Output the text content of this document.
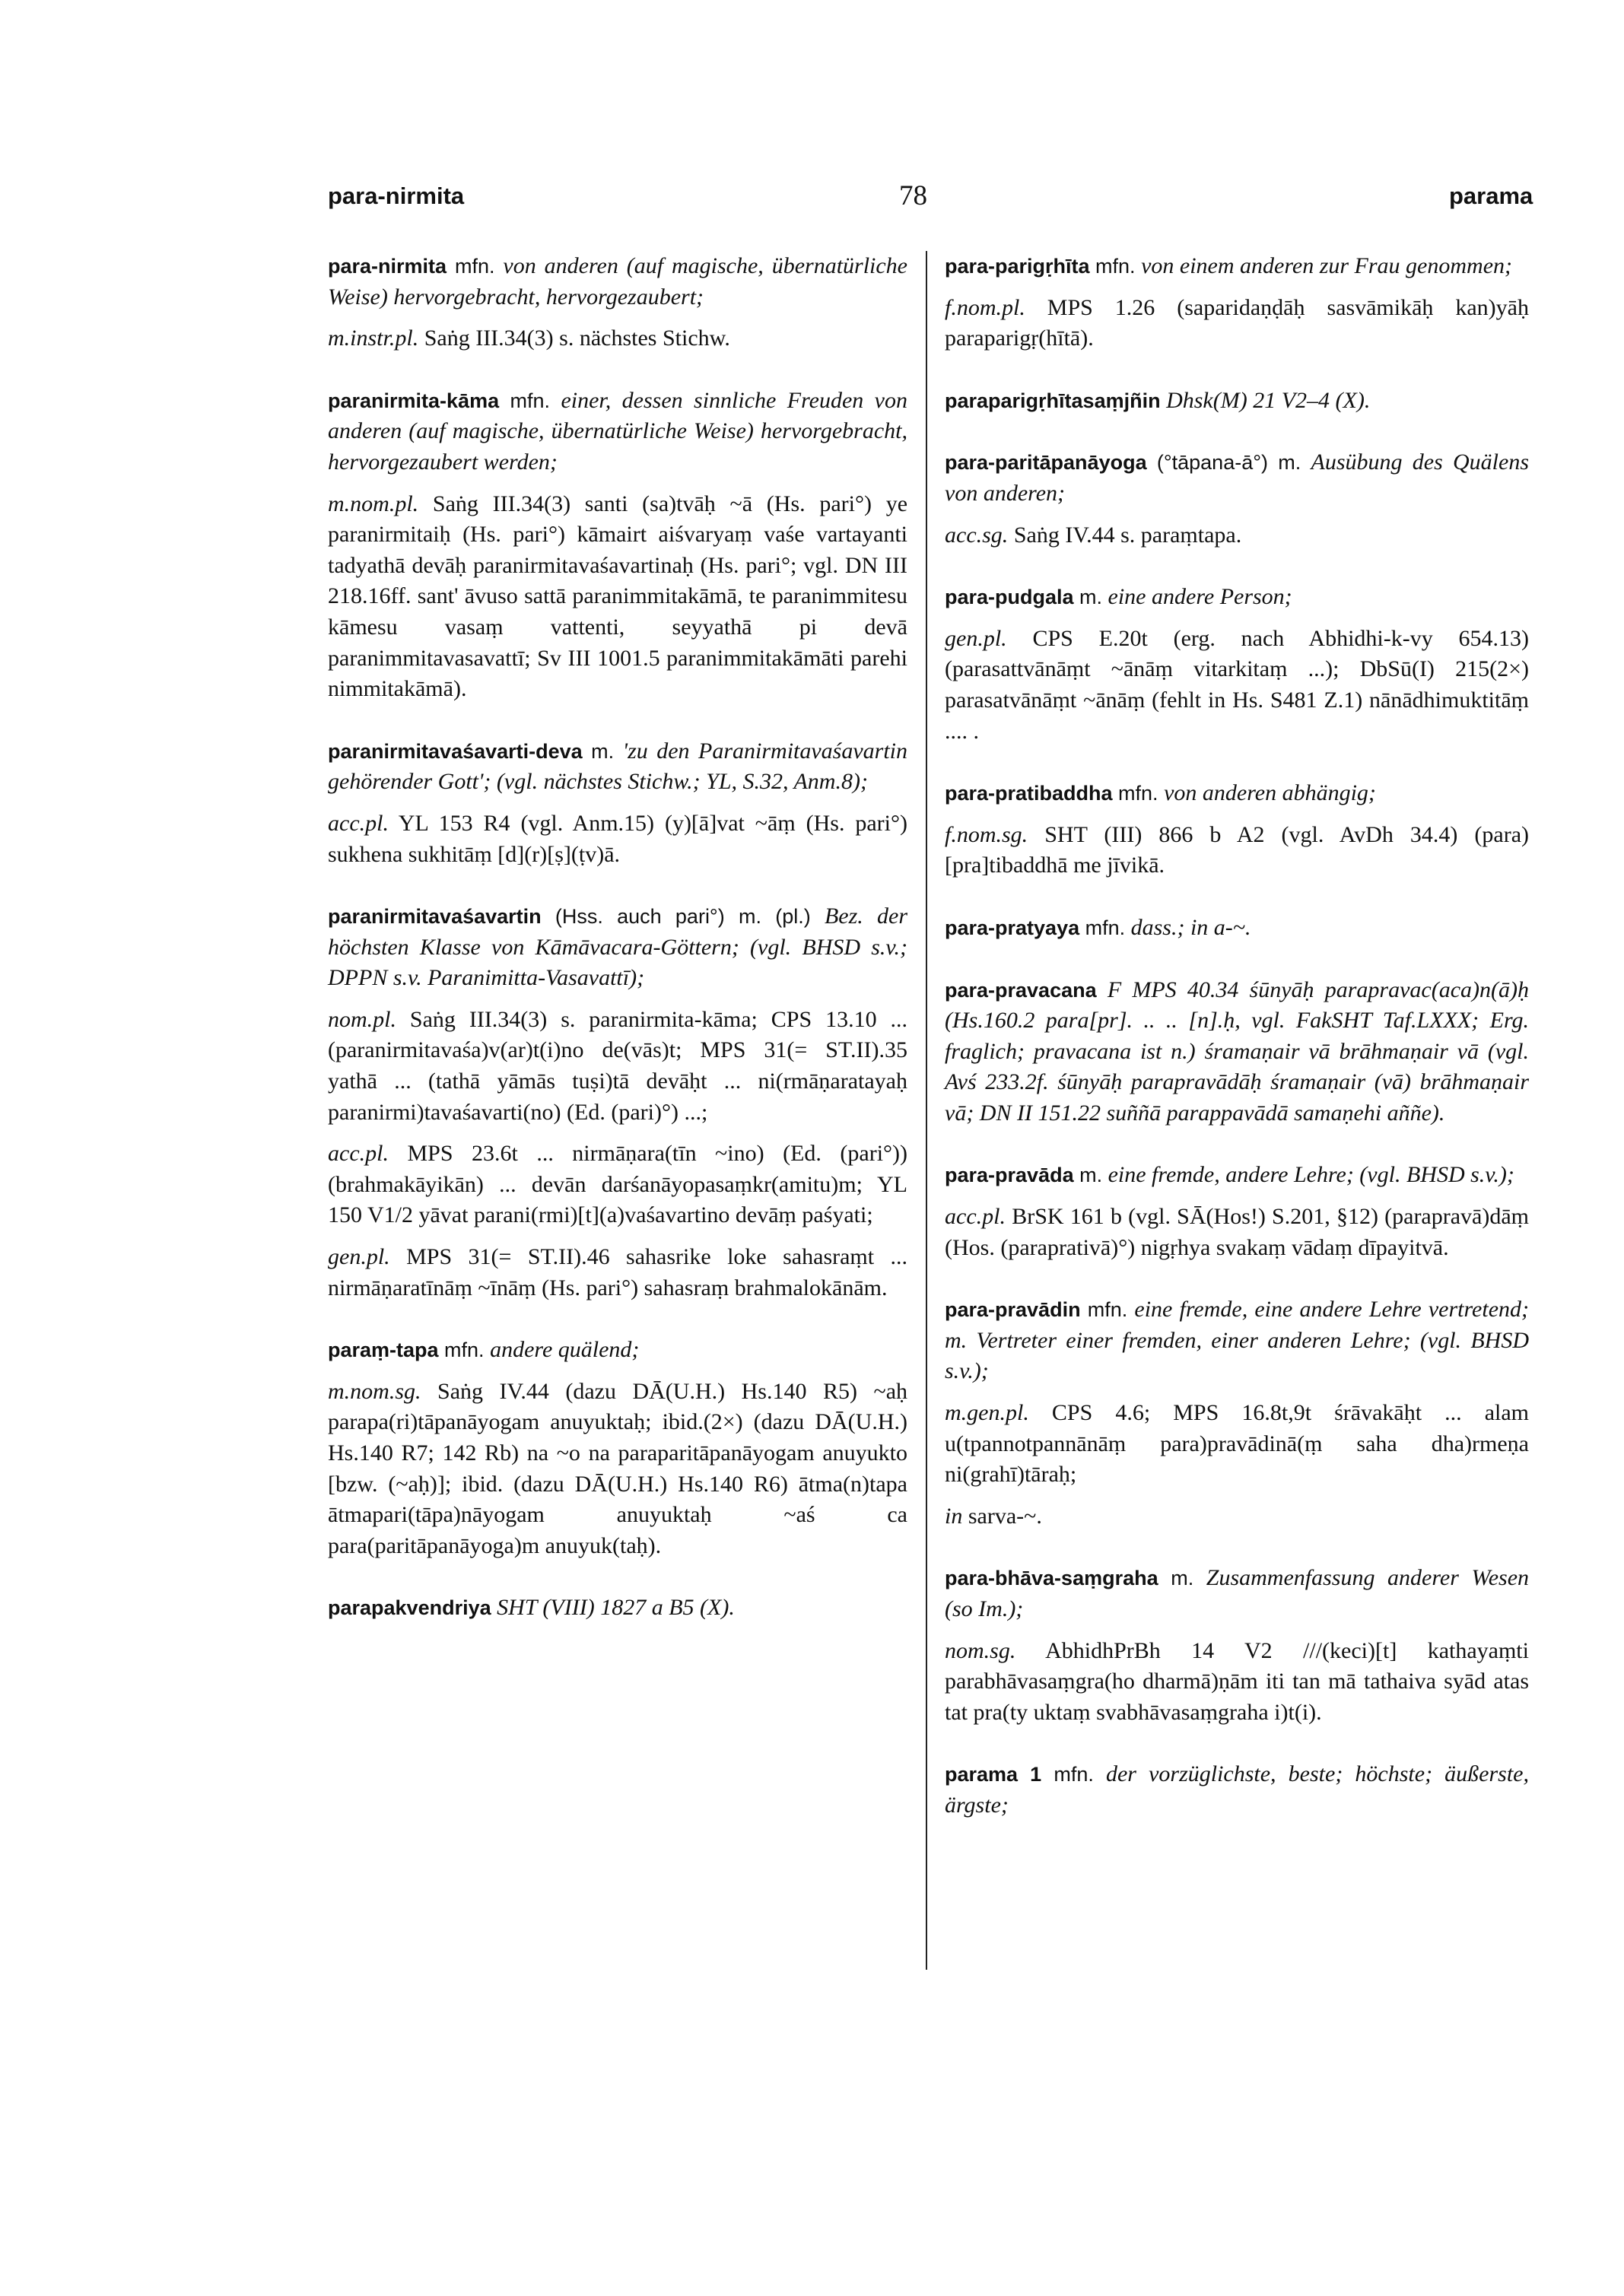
para-nirmita	78	parama

para-nirmita mfn. von anderen (auf magische, übernatürliche Weise) hervorgebracht, hervorgezaubert;

m.instr.pl. Saṅg III.34(3) s. nächstes Stichw.

paranirmita-kāma mfn. einer, dessen sinnliche Freuden von anderen (auf magische, übernatürliche Weise) hervorgebracht, hervorgezaubert werden;

m.nom.pl. Saṅg III.34(3) santi (sa)tvāḥ ~ā (Hs. pari°) ye paranirmitaiḥ (Hs. pari°) kāmairt aiśvaryaṃ vaśe vartayanti tadyathā devāḥ paranirmitavaśavartinaḥ (Hs. pari°; vgl. DN III 218.16ff. sant' āvuso sattā paranimmitakāmā, te paranimmitesu kāmesu vasaṃ vattenti, seyyathā pi devā paranimmitavasavattī; Sv III 1001.5 paranimmitakāmāti parehi nimmitakāmā).

paranirmitavaśavarti-deva m. 'zu den Paranirmitavaśavartin gehörender Gott'; (vgl. nächstes Stichw.; YL, S.32, Anm.8);

acc.pl. YL 153 R4 (vgl. Anm.15) (y)[ā]vat ~āṃ (Hs. pari°) sukhena sukhitāṃ [d](r)[ṣ](ṭv)ā.

paranirmitavaśavartin (Hss. auch pari°) m. (pl.) Bez. der höchsten Klasse von Kāmāvacara-Göttern; (vgl. BHSD s.v.; DPPN s.v. Paranimitta-Vasavattī);

nom.pl. Saṅg III.34(3) s. paranirmita-kāma; CPS 13.10 ... (paranirmitavaśa)v(ar)t(i)no de(vās)t; MPS 31(= ST.II).35 yathā ... (tathā yāmās tuṣi)tā devāḥt ... ni(rmāṇaratayaḥ paranirmi)tavaśavarti(no) (Ed. (pari)°) ...;

acc.pl. MPS 23.6t ... nirmāṇara(tīn ~ino) (Ed. (pari°)) (brahmakāyikān) ... devān darśanāyopasaṃkr(amitu)m; YL 150 V1/2 yāvat parani(rmi)[t](a)vaśavartino devāṃ paśyati;

gen.pl. MPS 31(= ST.II).46 sahasrike loke sahasraṃt ... nirmāṇaratīnāṃ ~īnāṃ (Hs. pari°) sahasraṃ brahmalokānām.

paraṃ-tapa mfn. andere quälend;

m.nom.sg. Saṅg IV.44 (dazu DĀ(U.H.) Hs.140 R5) ~aḥ parapa(ri)tāpanāyogam anuyuktaḥ; ibid.(2×) (dazu DĀ(U.H.) Hs.140 R7; 142 Rb) na ~o na paraparitāpanāyogam anuyukto [bzw. (~aḥ)]; ibid. (dazu DĀ(U.H.) Hs.140 R6) ātma(n)tapa ātmapari(tāpa)nāyogam anuyuktaḥ ~aś ca para(paritāpanāyoga)m anuyuk(taḥ).

parapakvendriya SHT (VIII) 1827 a B5 (X).

para-parigṛhīta mfn. von einem anderen zur Frau genommen;

f.nom.pl. MPS 1.26 (saparidaṇḍāḥ sasvāmikāḥ kan)yāḥ paraparigṛ(hītā).

paraparigṛhītasaṃjñin Dhsk(M) 21 V2–4 (X).

para-paritāpanāyoga (°tāpana-ā°) m. Ausübung des Quälens von anderen;

acc.sg. Saṅg IV.44 s. paraṃtapa.

para-pudgala m. eine andere Person;

gen.pl. CPS E.20t (erg. nach Abhidhi-k-vy 654.13) (parasattvānāṃt ~ānāṃ vitarkitaṃ ...); DbSū(I) 215(2×) parasatvānāṃt ~ānāṃ (fehlt in Hs. S481 Z.1) nānādhimuktitāṃ .... .

para-pratibaddha mfn. von anderen abhängig;

f.nom.sg. SHT (III) 866 b A2 (vgl. AvDh 34.4) (para)[pra]tibaddhā me jīvikā.

para-pratyaya mfn. dass.; in a-~.

para-pravacana F MPS 40.34 śūnyāḥ parapravac(aca)n(ā)ḥ (Hs.160.2 para[pr]. .. .. [n].ḥ, vgl. FakSHT Taf.LXXX; Erg. fraglich; pravacana ist n.) śramaṇair vā brāhmaṇair vā (vgl. Avś 233.2f. śūnyāḥ parapravādāḥ śramaṇair (vā) brāhmaṇair vā; DN II 151.22 suññā parappavādā samaṇehi aññe).

para-pravāda m. eine fremde, andere Lehre; (vgl. BHSD s.v.);

acc.pl. BrSK 161 b (vgl. SĀ(Hos!) S.201, §12) (parapravā)dāṃ (Hos. (paraprativā)°) nigṛhya svakaṃ vādaṃ dīpayitvā.

para-pravādin mfn. eine fremde, eine andere Lehre vertretend; m. Vertreter einer fremden, einer anderen Lehre; (vgl. BHSD s.v.);

m.gen.pl. CPS 4.6; MPS 16.8t,9t śrāvakāḥt ... alam u(tpannotpannānāṃ para)pravādinā(ṃ saha dha)rmeṇa ni(grahī)tāraḥ;

in sarva-~.

para-bhāva-saṃgraha m. Zusammenfassung anderer Wesen (so Im.);

nom.sg. AbhidhPrBh 14 V2 ///(keci)[t] kathayaṃti parabhāvasaṃgra(ho dharmā)ṇām iti tan mā tathaiva syād atas tat pra(ty uktaṃ svabhāvasaṃgraha i)t(i).

parama 1 mfn. der vorzüglichste, beste; höchste; äußerste, ärgste;
